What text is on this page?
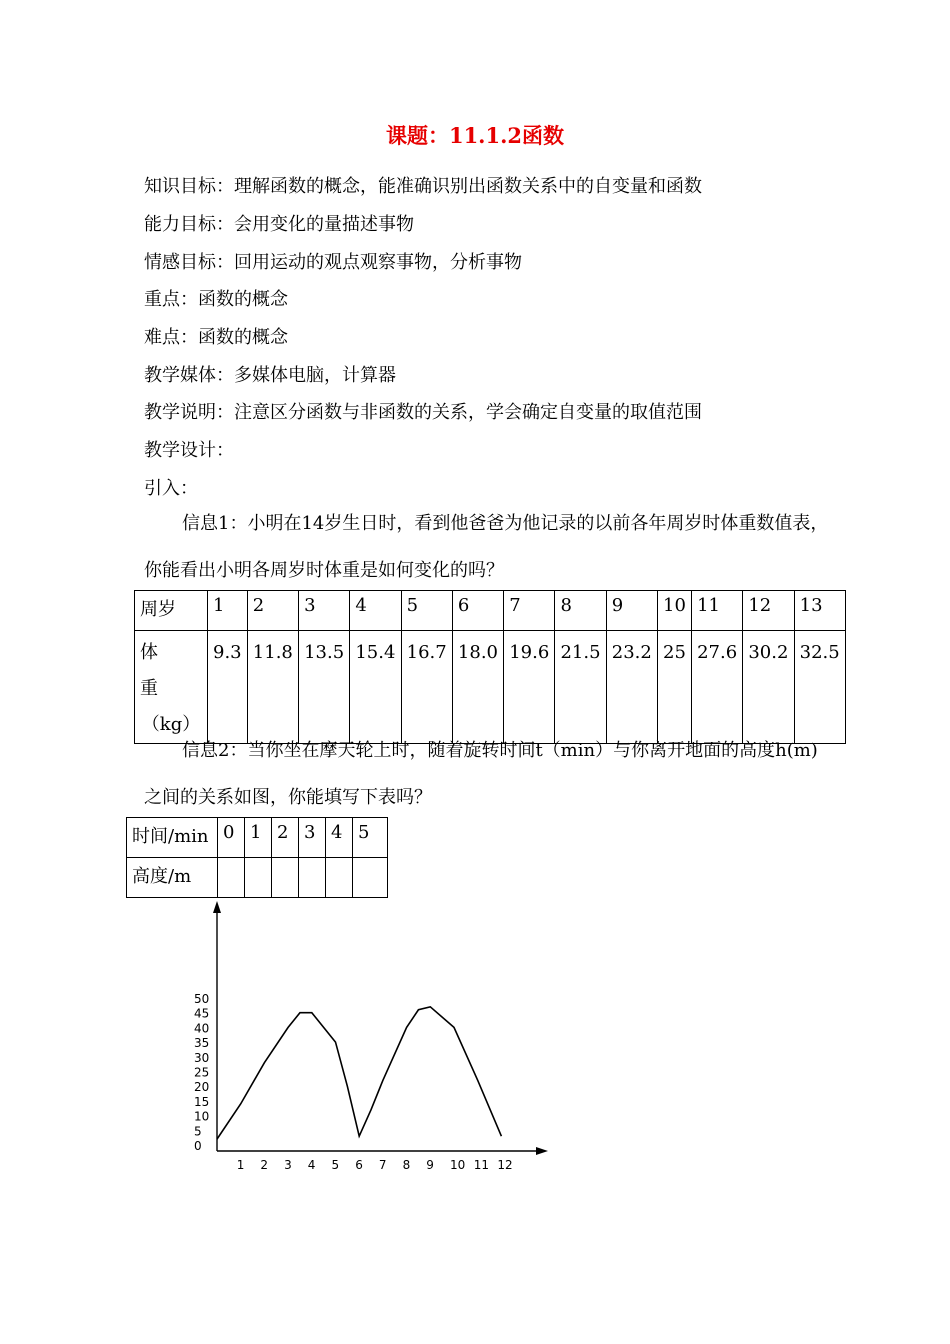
课题：11.1.2函数
知识目标：理解函数的概念，能准确识别出函数关系中的自变量和函数
能力目标：会用变化的量描述事物
情感目标：回用运动的观点观察事物，分析事物
重点：函数的概念
难点：函数的概念
教学媒体：多媒体电脑，计算器
教学说明：注意区分函数与非函数的关系，学会确定自变量的取值范围
教学设计：
引入：
信息1：小明在14岁生日时，看到他爸爸为他记录的以前各年周岁时体重数值表，你能看出小明各周岁时体重是如何变化的吗？
周岁	1	2	3	4	5	6	7	8	9	10	11	12	13
体　　重
（kg）	9.3	11.8	13.5	15.4	16.7	18.0	19.6	21.5	23.2	25	27.6	30.2	32.5
信息2：当你坐在摩天轮上时，随着旋转时间t（min）与你离开地面的高度h(m)之间的关系如图，你能填写下表吗？
时间/min	0	1	2	3	4	5
高度/m						
0
5
10
15
20
25
30
35
40
45
50
1 2 3 4 5 6 7 8 9 10 11 12
